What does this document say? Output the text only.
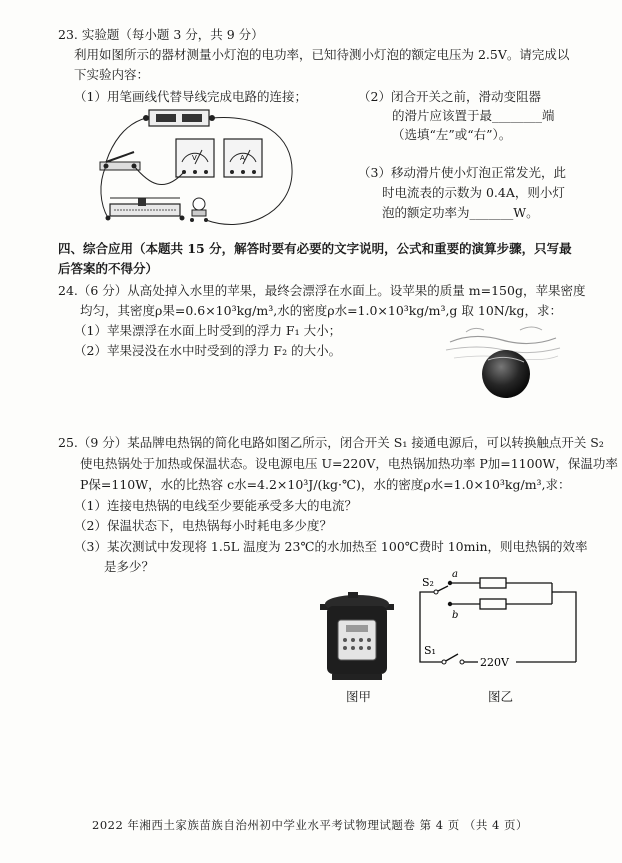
23. 实验题（每小题 3 分，共 9 分）
利用如图所示的器材测量小灯泡的电功率，已知待测小灯泡的额定电压为 2.5V。请完成以
下实验内容：
（1）用笔画线代替导线完成电路的连接；	（2）闭合开关之前，滑动变阻器
的滑片应该置于最________端
（选填“左”或“右”）。
（3）移动滑片使小灯泡正常发光，此
时电流表的示数为 0.4A，则小灯
泡的额定功率为_______W。
V	A
四、综合应用（本题共 15 分，解答时要有必要的文字说明，公式和重要的演算步骤，只写最
后答案的不得分）
24.（6 分）从高处掉入水里的苹果，最终会漂浮在水面上。设苹果的质量 m=150g，苹果密度
均匀，其密度ρ果=0.6×10³kg/m³,水的密度ρ水=1.0×10³kg/m³,g 取 10N/kg，求：
（1）苹果漂浮在水面上时受到的浮力 F₁ 大小；
（2）苹果浸没在水中时受到的浮力 F₂ 的大小。
25.（9 分）某品牌电热锅的简化电路如图乙所示，闭合开关 S₁ 接通电源后，可以转换触点开关 S₂
使电热锅处于加热或保温状态。设电源电压 U=220V，电热锅加热功率 P加=1100W，保温功率
P保=110W，水的比热容 c水=4.2×10³J/(kg·℃)，水的密度ρ水=1.0×10³kg/m³,求：
（1）连接电热锅的电线至少要能承受多大的电流？
（2）保温状态下，电热锅每小时耗电多少度？
（3）某次测试中发现将 1.5L 温度为 23℃的水加热至 100℃费时 10min，则电热锅的效率
是多少？
图甲
a
b
S₂
S₁
220V
图乙
2022 年湘西土家族苗族自治州初中学业水平考试物理试题卷 第 4 页 （共 4 页）
